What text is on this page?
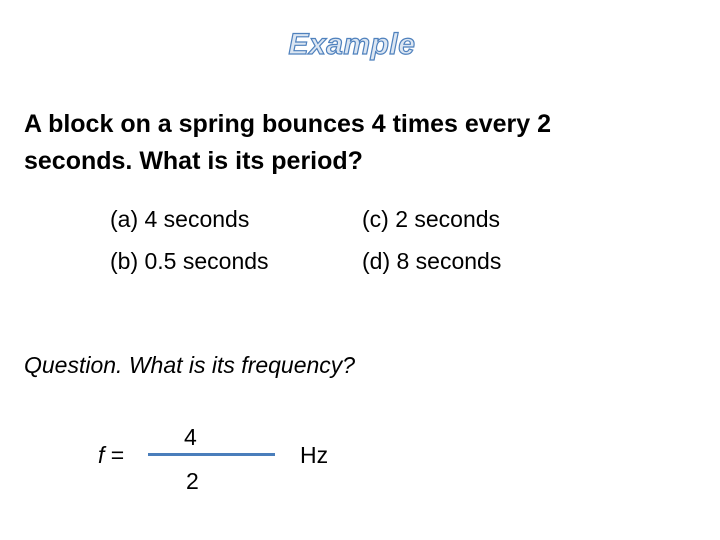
Example
A block on a spring bounces 4 times every 2 seconds. What is its period?
(a) 4 seconds
(b) 0.5 seconds
(c) 2 seconds
(d) 8 seconds
Question. What is its frequency?
f =
4
2
Hz
